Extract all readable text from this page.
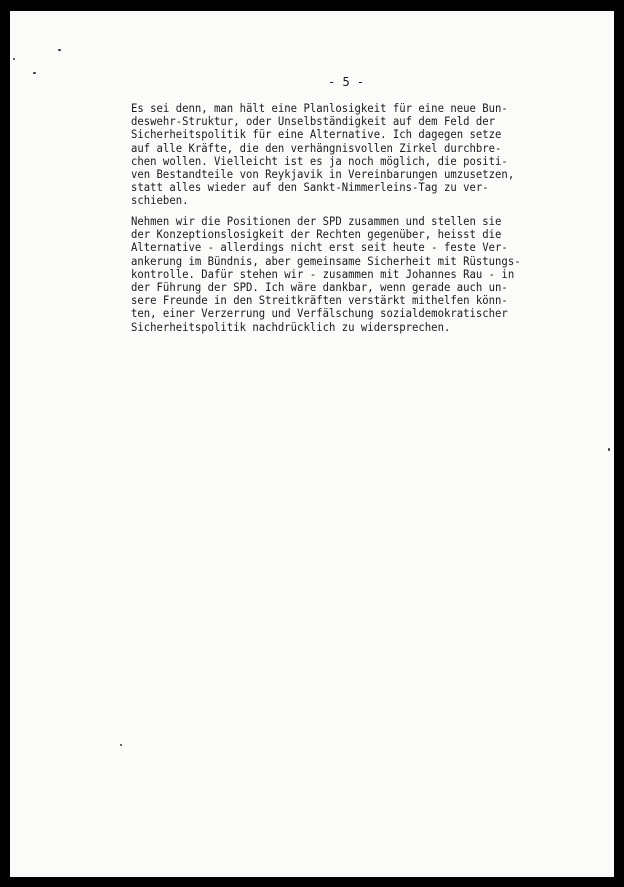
- 5 -

Es sei denn, man hält eine Planlosigkeit für eine neue Bun-
deswehr-Struktur, oder Unselbständigkeit auf dem Feld der
Sicherheitspolitik für eine Alternative. Ich dagegen setze
auf alle Kräfte, die den verhängnisvollen Zirkel durchbre-
chen wollen. Vielleicht ist es ja noch möglich, die positi-
ven Bestandteile von Reykjavik in Vereinbarungen umzusetzen,
statt alles wieder auf den Sankt-Nimmerleins-Tag zu ver-
schieben.

Nehmen wir die Positionen der SPD zusammen und stellen sie
der Konzeptionslosigkeit der Rechten gegenüber, heisst die
Alternative - allerdings nicht erst seit heute - feste Ver-
ankerung im Bündnis, aber gemeinsame Sicherheit mit Rüstungs-
kontrolle. Dafür stehen wir - zusammen mit Johannes Rau - in
der Führung der SPD. Ich wäre dankbar, wenn gerade auch un-
sere Freunde in den Streitkräften verstärkt mithelfen könn-
ten, einer Verzerrung und Verfälschung sozialdemokratischer
Sicherheitspolitik nachdrücklich zu widersprechen.
